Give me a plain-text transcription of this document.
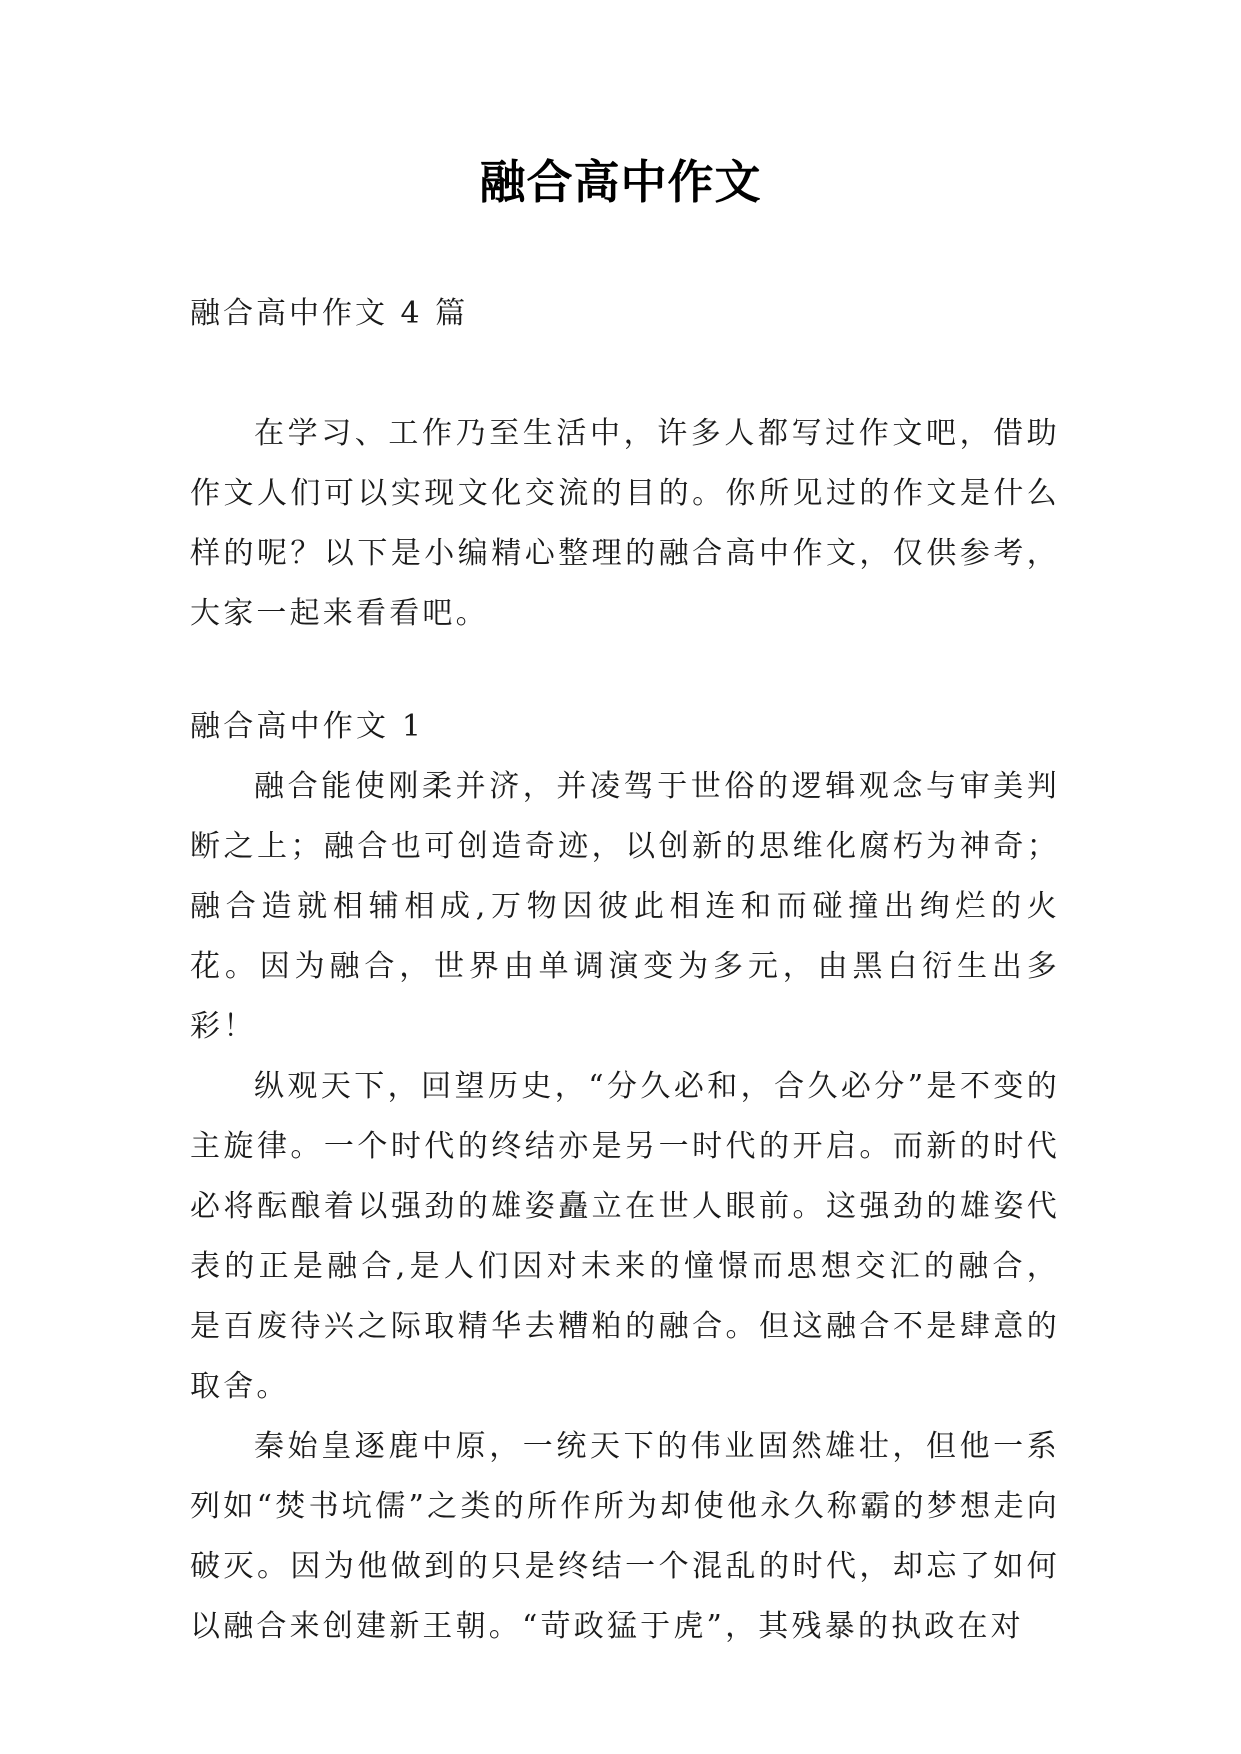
融合高中作文
融合高中作文 4 篇

在学习、工作乃至生活中，许多人都写过作文吧，借助作文人们可以实现文化交流的目的。你所见过的作文是什么样的呢？以下是小编精心整理的融合高中作文，仅供参考，大家一起来看看吧。

融合高中作文 1

融合能使刚柔并济，并凌驾于世俗的逻辑观念与审美判断之上；融合也可创造奇迹，以创新的思维化腐朽为神奇；融合造就相辅相成,万物因彼此相连和而碰撞出绚烂的火花。因为融合，世界由单调演变为多元，由黑白衍生出多彩！

纵观天下，回望历史，“分久必和，合久必分”是不变的主旋律。一个时代的终结亦是另一时代的开启。而新的时代必将酝酿着以强劲的雄姿矗立在世人眼前。这强劲的雄姿代表的正是融合,是人们因对未来的憧憬而思想交汇的融合，是百废待兴之际取精华去糟粕的融合。但这融合不是肆意的取舍。

秦始皇逐鹿中原，一统天下的伟业固然雄壮，但他一系列如“焚书坑儒”之类的所作所为却使他永久称霸的梦想走向破灭。因为他做到的只是终结一个混乱的时代，却忘了如何以融合来创建新王朝。“苛政猛于虎”，其残暴的执政在对
